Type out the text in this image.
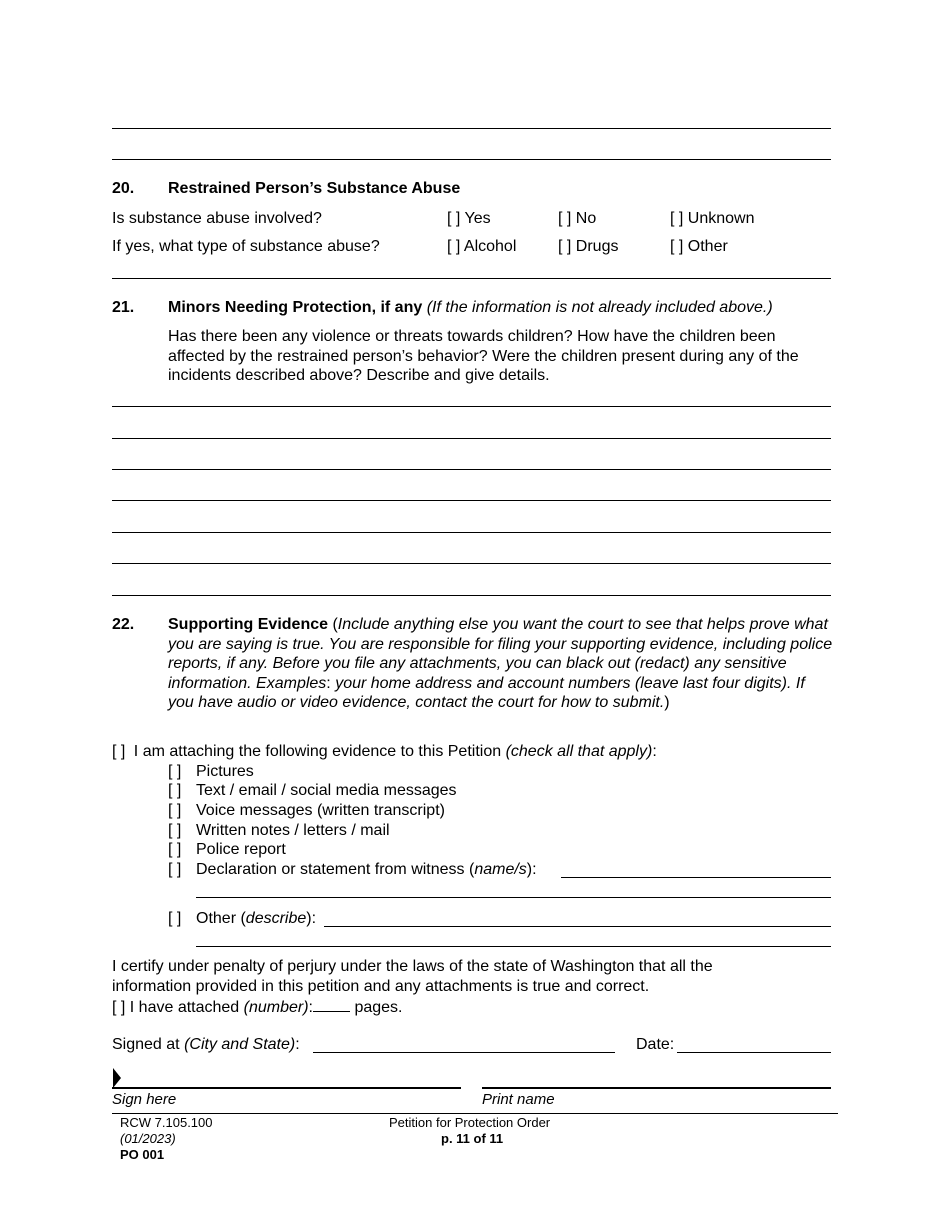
20. Restrained Person’s Substance Abuse
Is substance abuse involved?	[ ] Yes	[ ] No	[ ] Unknown
If yes, what type of substance abuse?	[ ] Alcohol	[ ] Drugs	[ ] Other
21. Minors Needing Protection, if any (If the information is not already included above.)
Has there been any violence or threats towards children? How have the children been affected by the restrained person’s behavior? Were the children present during any of the incidents described above? Describe and give details.
22. Supporting Evidence (Include anything else you want the court to see that helps prove what you are saying is true. You are responsible for filing your supporting evidence, including police reports, if any. Before you file any attachments, you can black out (redact) any sensitive information. Examples: your home address and account numbers (leave last four digits). If you have audio or video evidence, contact the court for how to submit.)
[ ] I am attaching the following evidence to this Petition (check all that apply):
[ ] Pictures
[ ] Text / email / social media messages
[ ] Voice messages (written transcript)
[ ] Written notes / letters / mail
[ ] Police report
[ ] Declaration or statement from witness (name/s):
[ ] Other (describe):
I certify under penalty of perjury under the laws of the state of Washington that all the information provided in this petition and any attachments is true and correct.
[ ] I have attached (number): pages.
Signed at (City and State):	Date:
Sign here	Print name
RCW 7.105.100
(01/2023)
PO 001
Petition for Protection Order
p. 11 of 11
